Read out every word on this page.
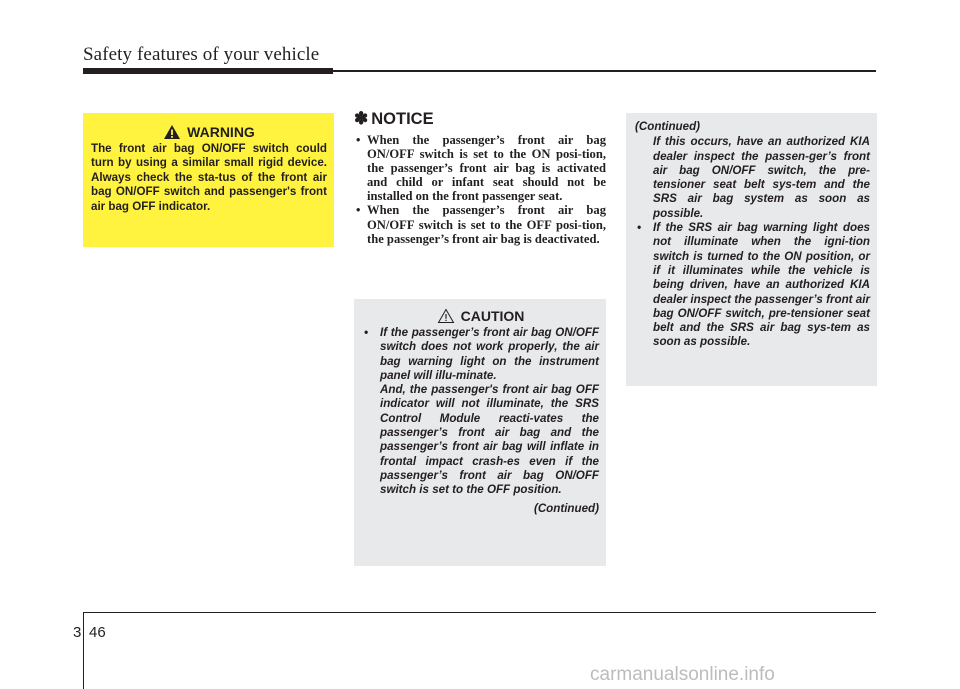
Safety features of your vehicle
WARNING
The front air bag ON/OFF switch could turn by using a similar small rigid device. Always check the sta-tus of the front air bag ON/OFF switch and passenger's front air bag OFF indicator.
✽ NOTICE
• When the passenger’s front air bag ON/OFF switch is set to the ON posi-tion, the passenger’s front air bag is activated and child or infant seat should not be installed on the front passenger seat.
• When the passenger’s front air bag ON/OFF switch is set to the OFF posi-tion, the passenger’s front air bag is deactivated.
CAUTION
• If the passenger’s front air bag ON/OFF switch does not work properly, the air bag warning light on the instrument panel will illu-minate.
And, the passenger's front air bag OFF indicator will not illuminate, the SRS Control Module reacti-vates the passenger’s front air bag and the passenger’s front air bag will inflate in frontal impact crash-es even if the passenger’s front air bag ON/OFF switch is set to the OFF position.
(Continued)
(Continued)
If this occurs, have an authorized KIA dealer inspect the passen-ger’s front air bag ON/OFF switch, the pre-tensioner seat belt sys-tem and the SRS air bag system as soon as possible.
• If the SRS air bag warning light does not illuminate when the igni-tion switch is turned to the ON position, or if it illuminates while the vehicle is being driven, have an authorized KIA dealer inspect the passenger’s front air bag ON/OFF switch, pre-tensioner seat belt and the SRS air bag sys-tem as soon as possible.
3 46
carmanualsonline.info
